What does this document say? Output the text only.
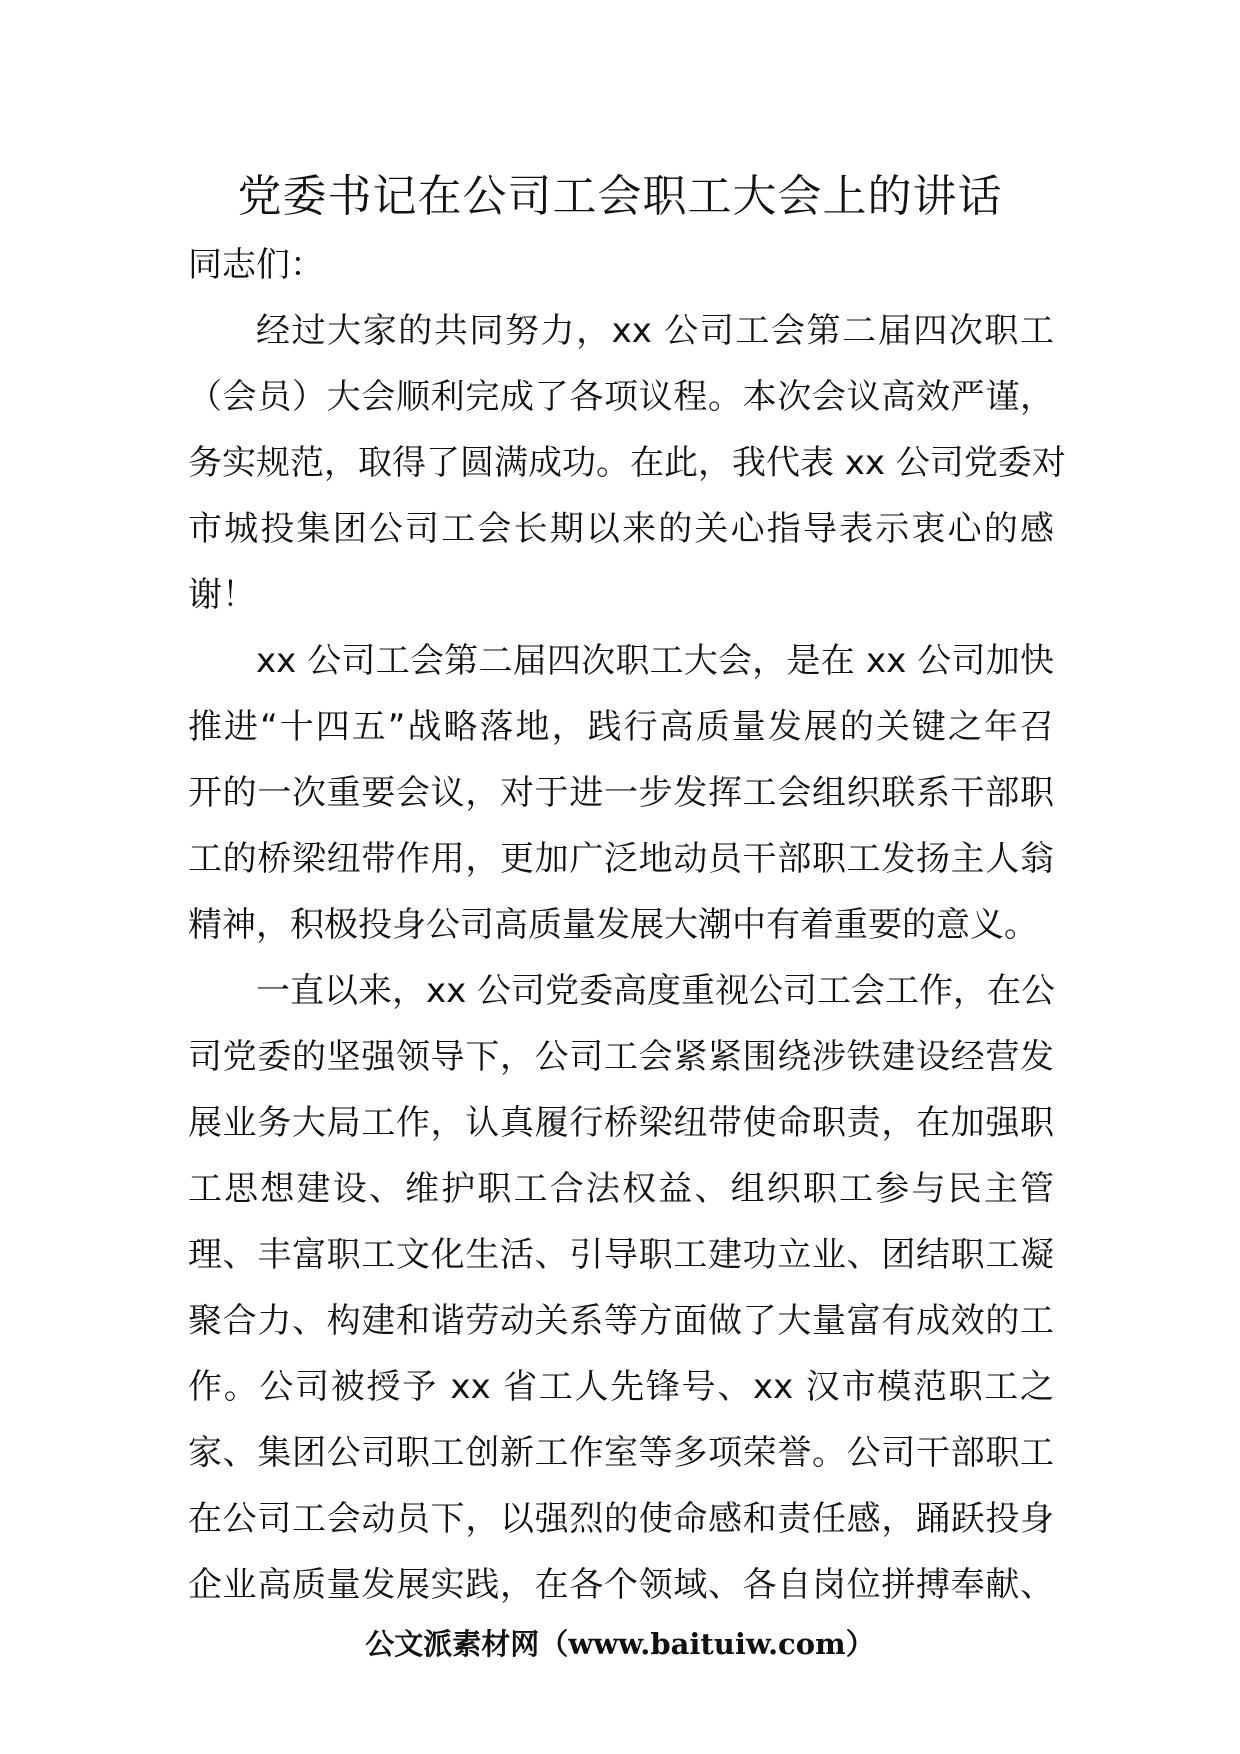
党委书记在公司工会职工大会上的讲话

同志们：

经过大家的共同努力，xx 公司工会第二届四次职工
（会员）大会顺利完成了各项议程。本次会议高效严谨，
务实规范，取得了圆满成功。在此，我代表 xx 公司党委对
市城投集团公司工会长期以来的关心指导表示衷心的感
谢！

xx 公司工会第二届四次职工大会，是在 xx 公司加快
推进“十四五”战略落地，践行高质量发展的关键之年召
开的一次重要会议，对于进一步发挥工会组织联系干部职
工的桥梁纽带作用，更加广泛地动员干部职工发扬主人翁
精神，积极投身公司高质量发展大潮中有着重要的意义。

一直以来，xx 公司党委高度重视公司工会工作，在公
司党委的坚强领导下，公司工会紧紧围绕涉铁建设经营发
展业务大局工作，认真履行桥梁纽带使命职责，在加强职
工思想建设、维护职工合法权益、组织职工参与民主管
理、丰富职工文化生活、引导职工建功立业、团结职工凝
聚合力、构建和谐劳动关系等方面做了大量富有成效的工
作。公司被授予 xx 省工人先锋号、xx 汉市模范职工之
家、集团公司职工创新工作室等多项荣誉。公司干部职工
在公司工会动员下，以强烈的使命感和责任感，踊跃投身
企业高质量发展实践，在各个领域、各自岗位拼搏奉献、

公文派素材网（www.baituiw.com）
